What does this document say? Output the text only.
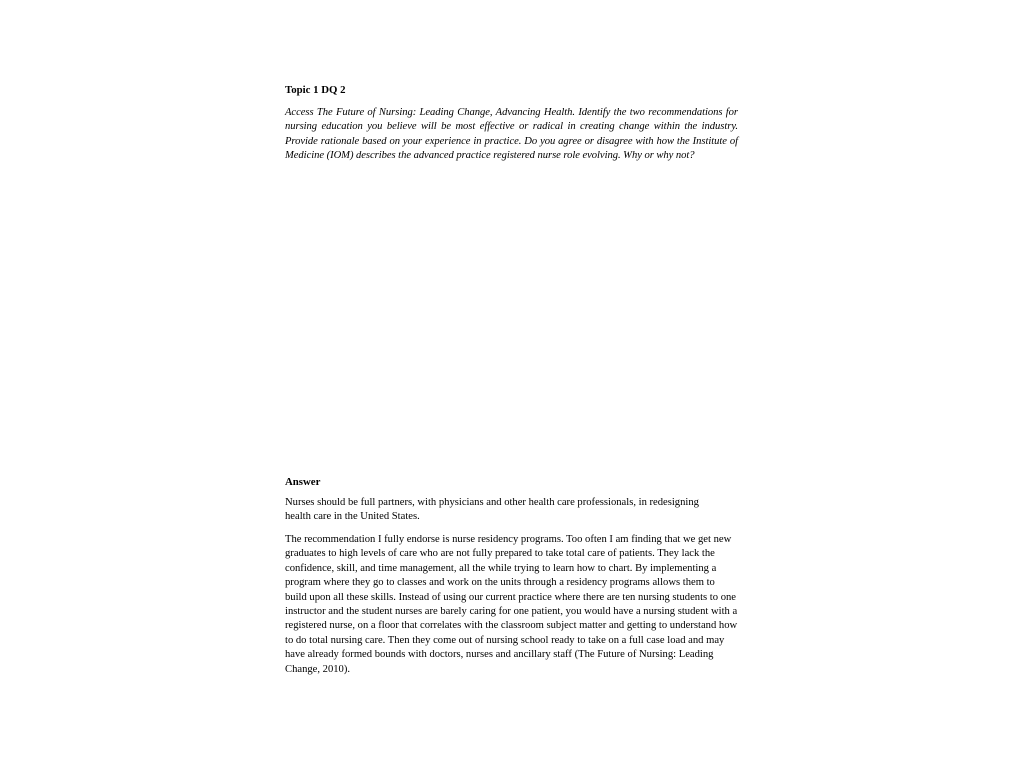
Topic 1 DQ 2

Access The Future of Nursing: Leading Change, Advancing Health. Identify the two recommendations for nursing education you believe will be most effective or radical in creating change within the industry. Provide rationale based on your experience in practice. Do you agree or disagree with how the Institute of Medicine (IOM) describes the advanced practice registered nurse role evolving. Why or why not?

Answer

Nurses should be full partners, with physicians and other health care professionals, in redesigning health care in the United States.

The recommendation I fully endorse is nurse residency programs. Too often I am finding that we get new graduates to high levels of care who are not fully prepared to take total care of patients. They lack the confidence, skill, and time management, all the while trying to learn how to chart. By implementing a program where they go to classes and work on the units through a residency programs allows them to build upon all these skills. Instead of using our current practice where there are ten nursing students to one instructor and the student nurses are barely caring for one patient, you would have a nursing student with a registered nurse, on a floor that correlates with the classroom subject matter and getting to understand how to do total nursing care. Then they come out of nursing school ready to take on a full case load and may have already formed bounds with doctors, nurses and ancillary staff (The Future of Nursing: Leading Change, 2010).
